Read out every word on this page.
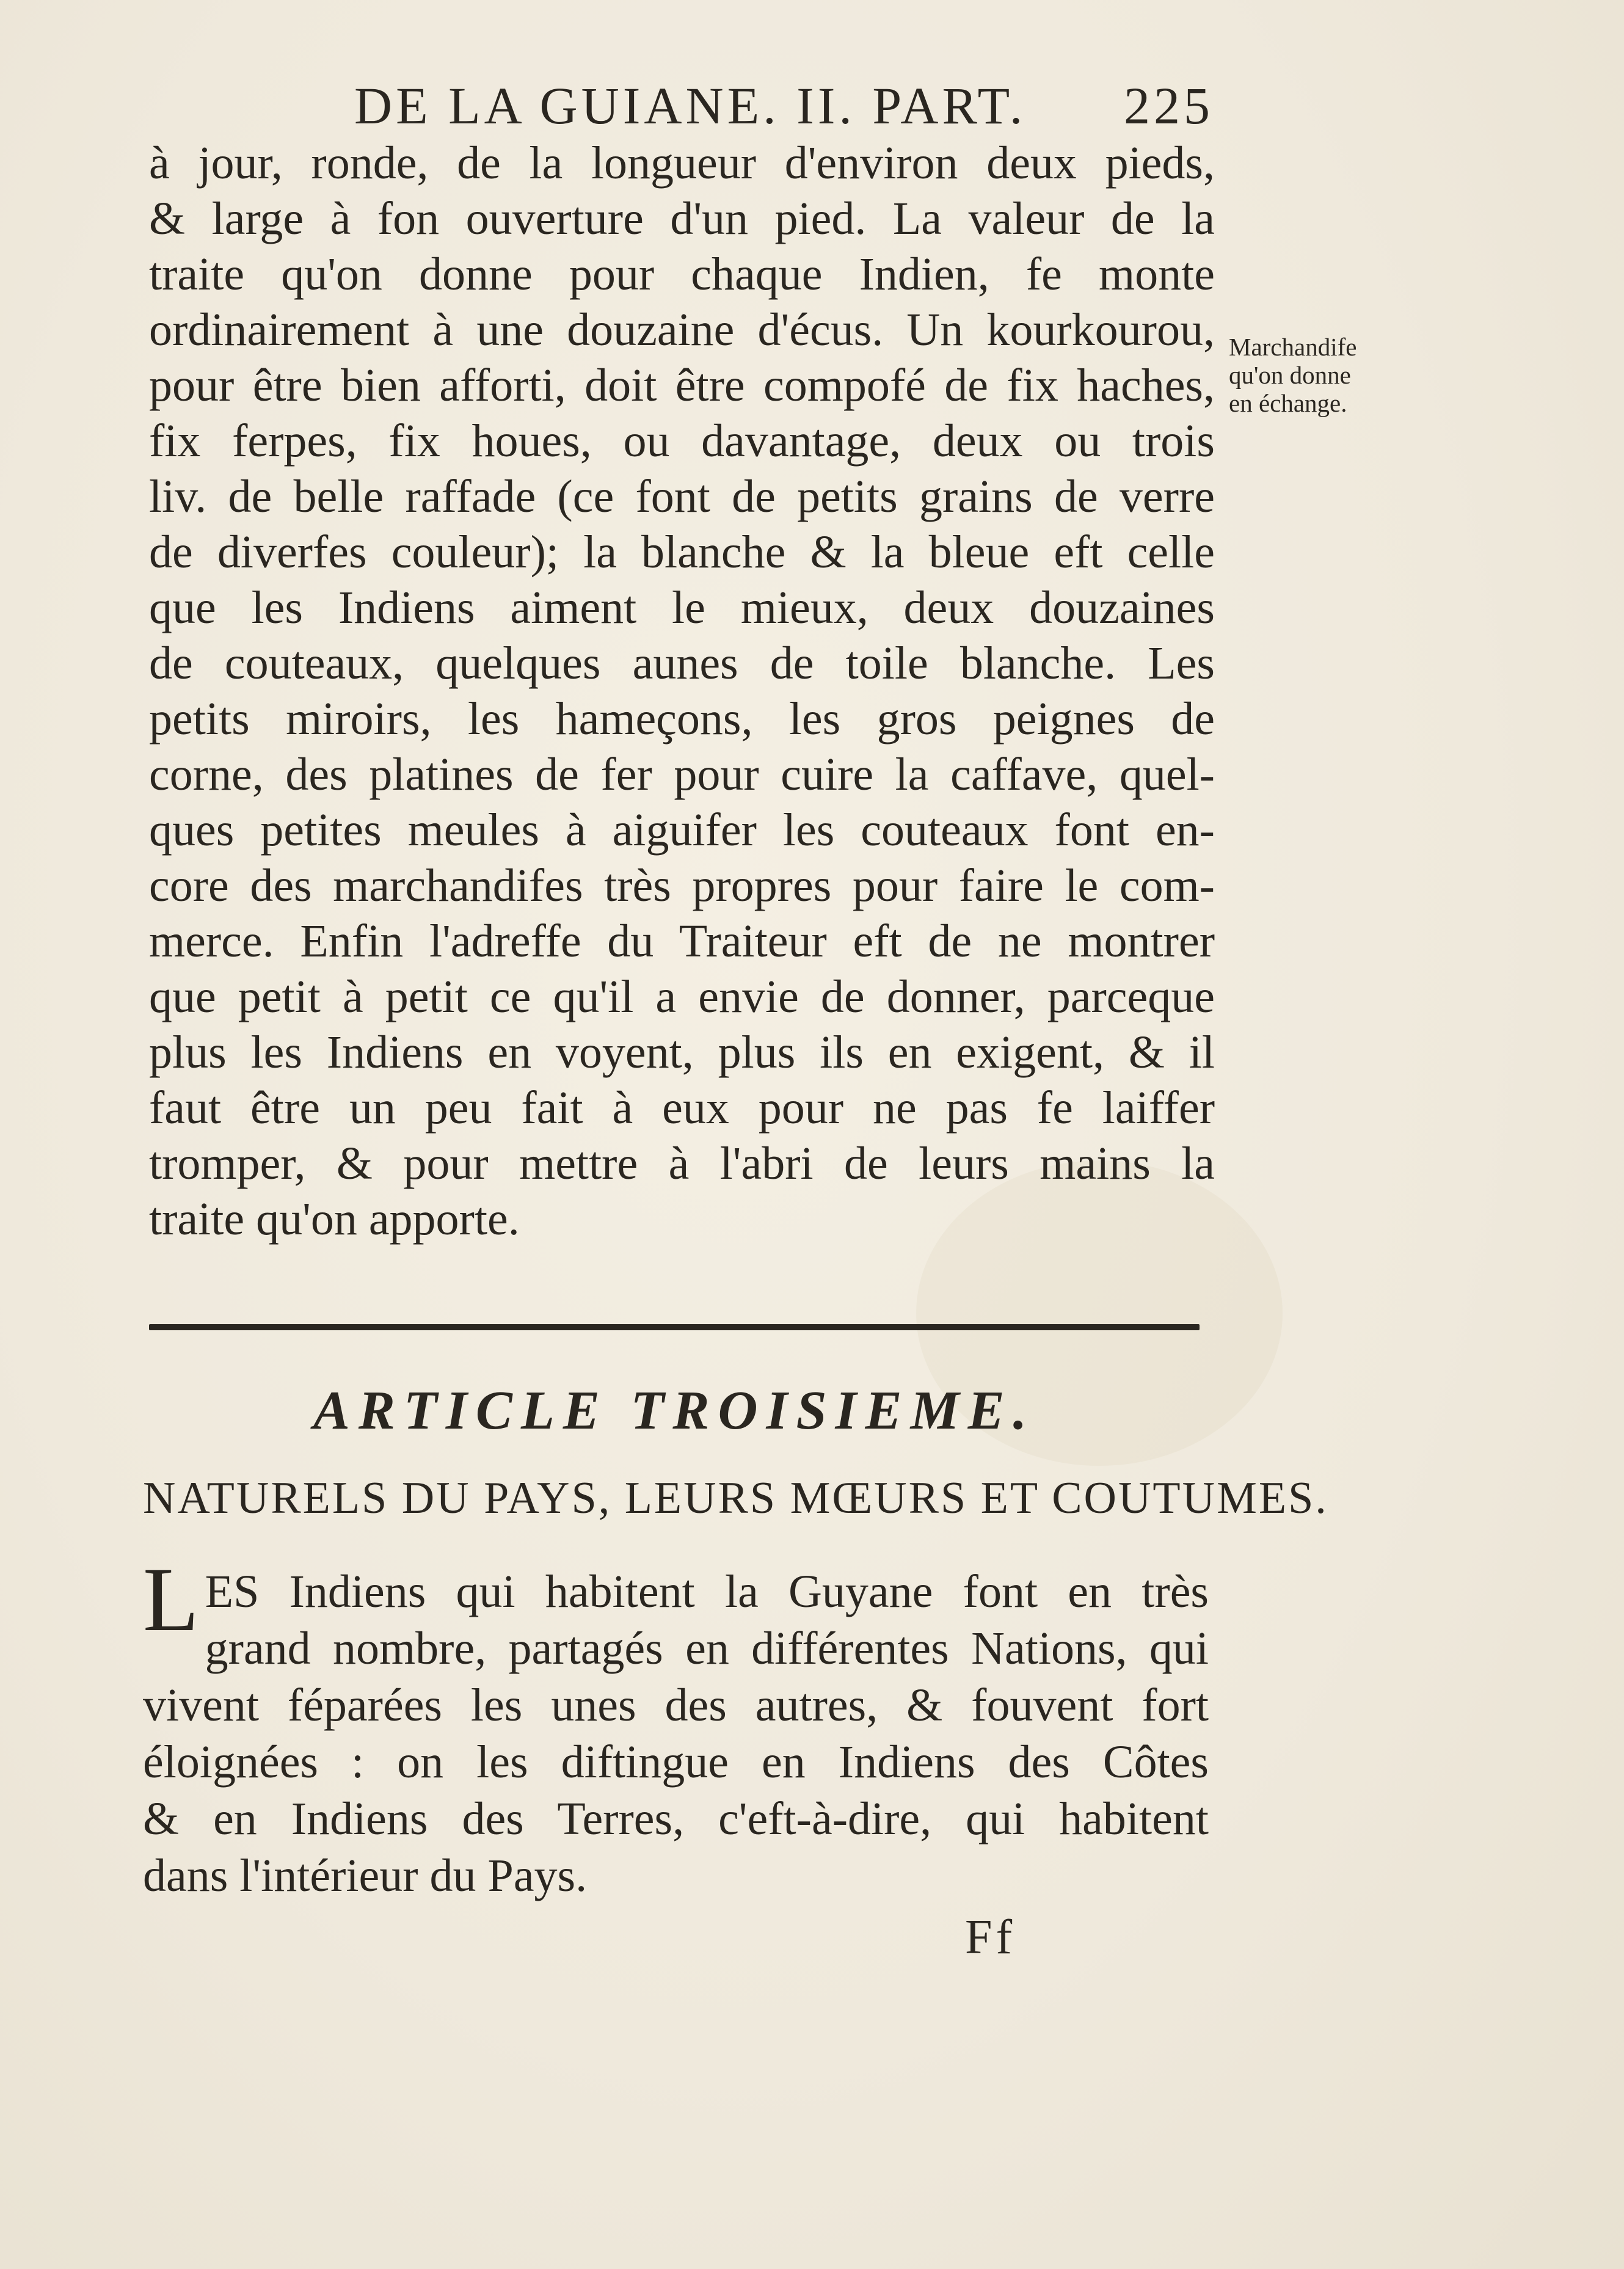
DE LA GUIANE. II. PART. 225
à jour, ronde, de la longueur d'environ deux pieds,
& large à fon ouverture d'un pied. La valeur de la
traite qu'on donne pour chaque Indien, fe monte
ordinairement à une douzaine d'écus. Un kourkourou,
pour être bien afforti, doit être compofé de fix haches,
fix ferpes, fix houes, ou davantage, deux ou trois
liv. de belle raffade (ce font de petits grains de verre
de diverfes couleur); la blanche & la bleue eft celle
que les Indiens aiment le mieux, deux douzaines
de couteaux, quelques aunes de toile blanche. Les
petits miroirs, les hameçons, les gros peignes de
corne, des platines de fer pour cuire la caffave, quel-
ques petites meules à aiguifer les couteaux font en-
core des marchandifes très propres pour faire le com-
merce. Enfin l'adreffe du Traiteur eft de ne montrer
que petit à petit ce qu'il a envie de donner, parceque
plus les Indiens en voyent, plus ils en exigent, & il
faut être un peu fait à eux pour ne pas fe laiffer
tromper, & pour mettre à l'abri de leurs mains la
traite qu'on apporte.
Marchandife
qu'on donne
en échange.
ARTICLE TROISIEME.
NATURELS DU PAYS, LEURS MŒURS ET COUTUMES.
L ES Indiens qui habitent la Guyane font en très
grand nombre, partagés en différentes Nations, qui
vivent féparées les unes des autres, & fouvent fort
éloignées : on les diftingue en Indiens des Côtes
& en Indiens des Terres, c'eft-à-dire, qui habitent
dans l'intérieur du Pays.
Ff
